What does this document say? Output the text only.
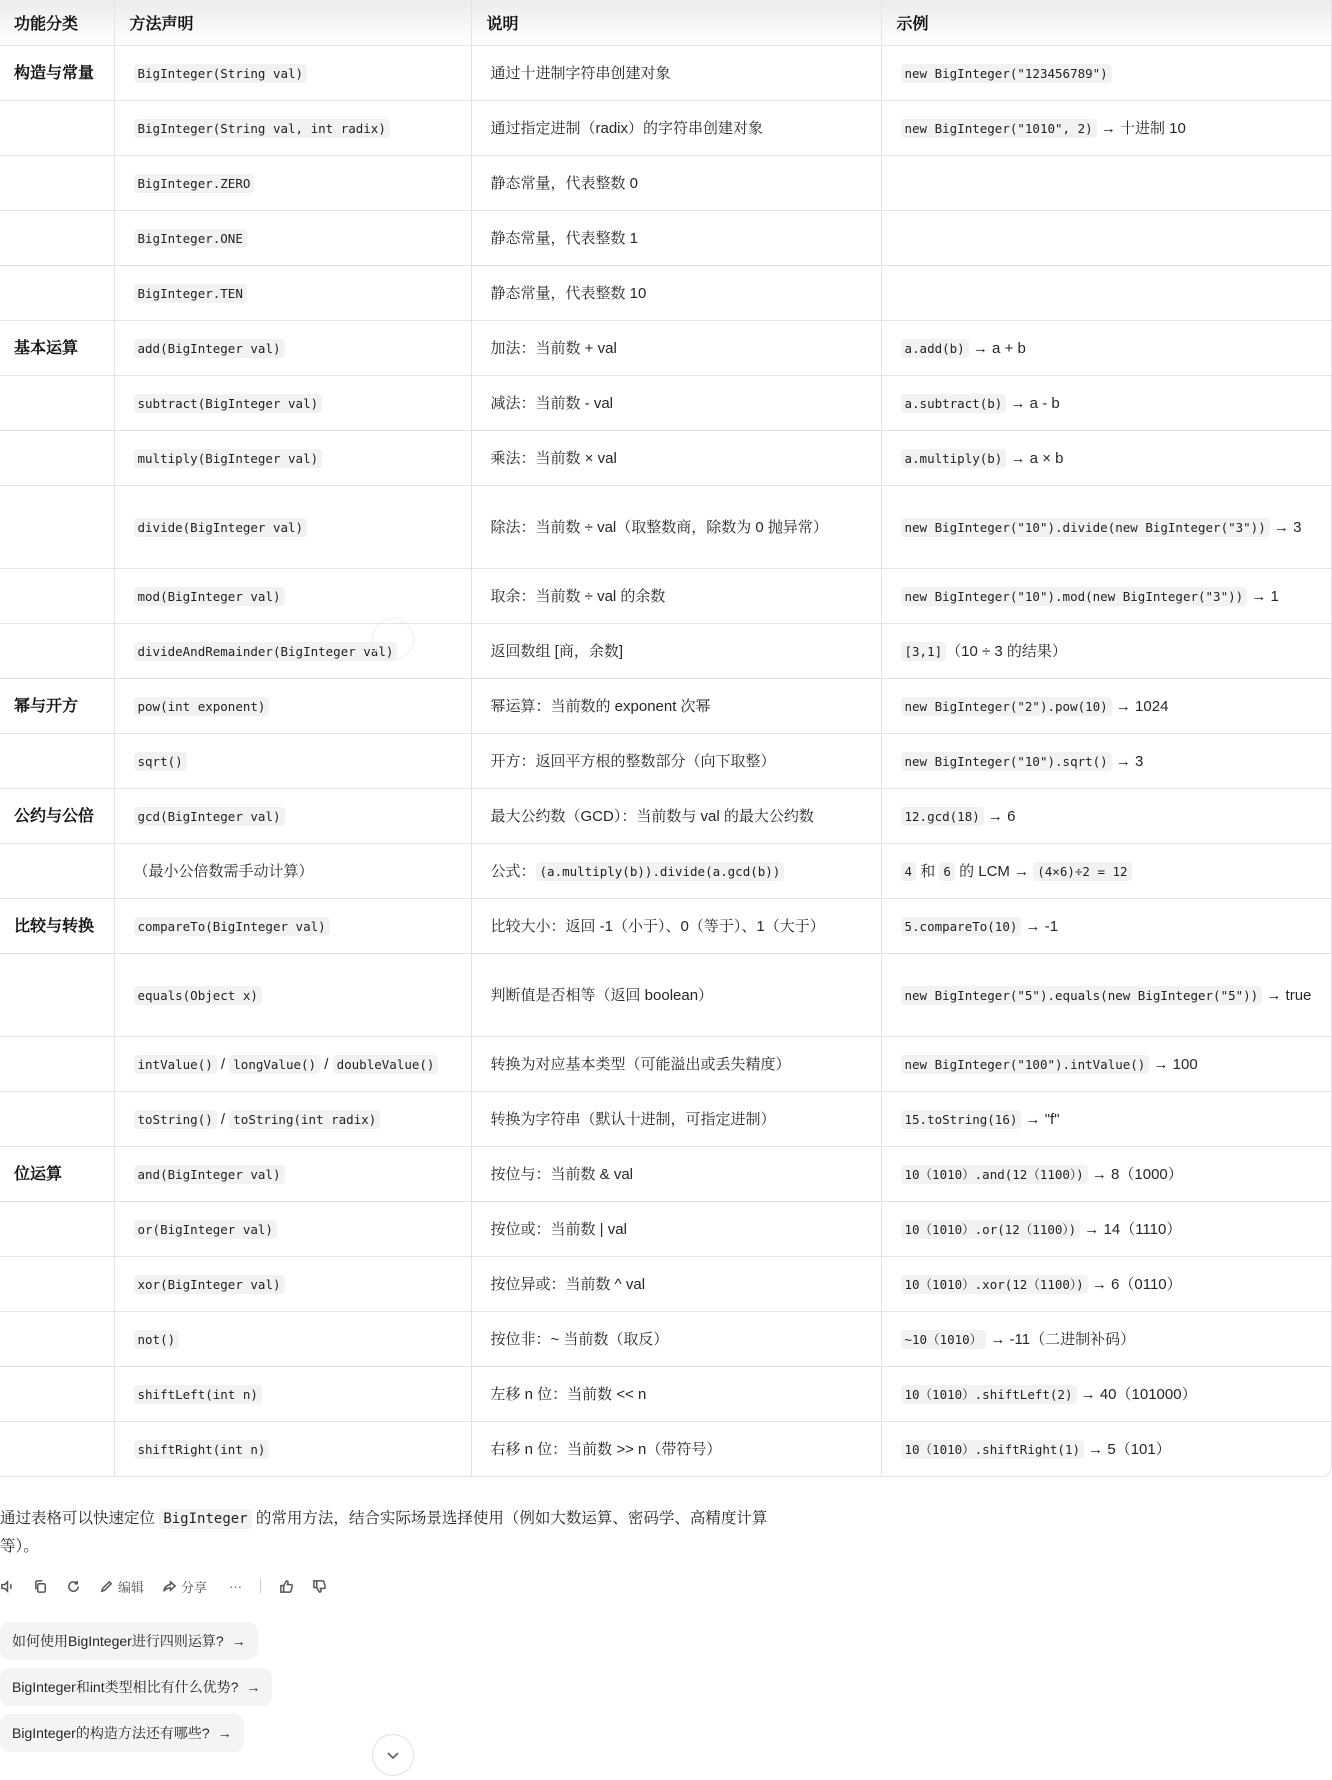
功能分类	方法声明	说明	示例
构造与常量	BigInteger(String val)	通过十进制字符串创建对象	new BigInteger("123456789")
	BigInteger(String val, int radix)	通过指定进制（radix）的字符串创建对象	new BigInteger("1010", 2) → 十进制 10
	BigInteger.ZERO	静态常量，代表整数 0	
	BigInteger.ONE	静态常量，代表整数 1	
	BigInteger.TEN	静态常量，代表整数 10	
基本运算	add(BigInteger val)	加法：当前数 + val	a.add(b) → a + b
	subtract(BigInteger val)	减法：当前数 - val	a.subtract(b) → a - b
	multiply(BigInteger val)	乘法：当前数 × val	a.multiply(b) → a × b
	divide(BigInteger val)	除法：当前数 ÷ val（取整数商，除数为 0 抛异常）	new BigInteger("10").divide(new BigInteger("3")) → 3
	mod(BigInteger val)	取余：当前数 ÷ val 的余数	new BigInteger("10").mod(new BigInteger("3")) → 1
	divideAndRemainder(BigInteger val)	返回数组 [商，余数]	[3,1] （10 ÷ 3 的结果）
幂与开方	pow(int exponent)	幂运算：当前数的 exponent 次幂	new BigInteger("2").pow(10) → 1024
	sqrt()	开方：返回平方根的整数部分（向下取整）	new BigInteger("10").sqrt() → 3
公约与公倍	gcd(BigInteger val)	最大公约数（GCD）：当前数与 val 的最大公约数	12.gcd(18) → 6
	（最小公倍数需手动计算）	公式： (a.multiply(b)).divide(a.gcd(b))	4 和 6 的 LCM → (4×6)÷2 = 12
比较与转换	compareTo(BigInteger val)	比较大小：返回 -1（小于）、0（等于）、1（大于）	5.compareTo(10) → -1
	equals(Object x)	判断值是否相等（返回 boolean）	new BigInteger("5").equals(new BigInteger("5")) → true
	intValue() / longValue() / doubleValue()	转换为对应基本类型（可能溢出或丢失精度）	new BigInteger("100").intValue() → 100
	toString() / toString(int radix)	转换为字符串（默认十进制，可指定进制）	15.toString(16) → "f"
位运算	and(BigInteger val)	按位与：当前数 & val	10（1010）.and(12（1100）) → 8（1000）
	or(BigInteger val)	按位或：当前数 | val	10（1010）.or(12（1100）) → 14（1110）
	xor(BigInteger val)	按位异或：当前数 ^ val	10（1010）.xor(12（1100）) → 6（0110）
	not()	按位非：~ 当前数（取反）	~10（1010） → -11（二进制补码）
	shiftLeft(int n)	左移 n 位：当前数 << n	10（1010）.shiftLeft(2) → 40（101000）
	shiftRight(int n)	右移 n 位：当前数 >> n（带符号）	10（1010）.shiftRight(1) → 5（101）
通过表格可以快速定位 BigInteger 的常用方法，结合实际场景选择使用（例如大数运算、密码学、高精度计算等）。
编辑	分享 ···
如何使用BigInteger进行四则运算? →
BigInteger和int类型相比有什么优势? →
BigInteger的构造方法还有哪些? →
